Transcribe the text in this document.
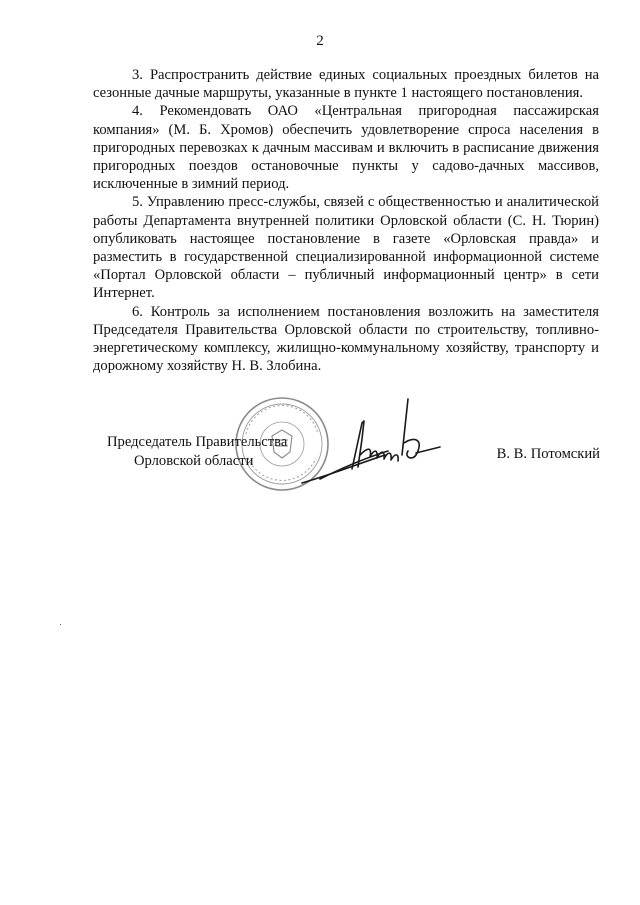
2

3. Распространить действие единых социальных проездных билетов на сезонные дачные маршруты, указанные в пункте 1 настоящего постановления.

4. Рекомендовать ОАО «Центральная пригородная пассажирская компания» (М. Б. Хромов) обеспечить удовлетворение спроса населения в пригородных перевозках к дачным массивам и включить в расписание движения пригородных поездов остановочные пункты у садово-дачных массивов, исключенные в зимний период.

5. Управлению пресс-службы, связей с общественностью и аналитической работы Департамента внутренней политики Орловской области (С. Н. Тюрин) опубликовать настоящее постановление в газете «Орловская правда» и разместить в государственной специализированной информационной системе «Портал Орловской области – публичный информационный центр» в сети Интернет.

6. Контроль за исполнением постановления возложить на заместителя Председателя Правительства Орловской области по строительству, топливно-энергетическому комплексу, жилищно-коммунальному хозяйству, транспорту и дорожному хозяйству Н. В. Злобина.

Председатель Правительства
Орловской области	В. В. Потомский
